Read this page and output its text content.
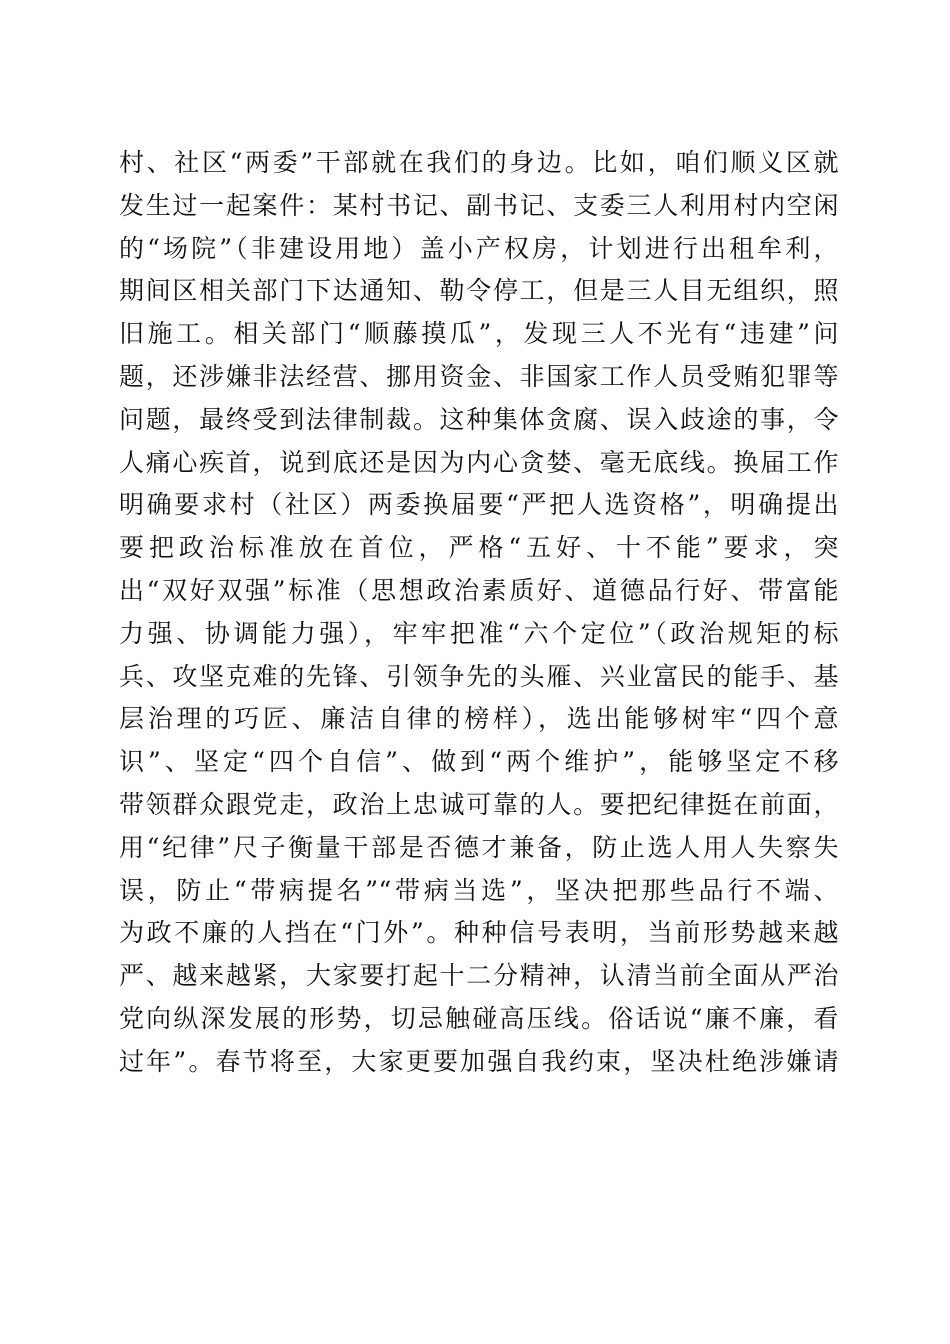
村、社区“两委”干部就在我们的身边。比如，咱们顺义区就
发生过一起案件：某村书记、副书记、支委三人利用村内空闲
的“场院”（非建设用地）盖小产权房，计划进行出租牟利，
期间区相关部门下达通知、勒令停工，但是三人目无组织，照
旧施工。相关部门“顺藤摸瓜”，发现三人不光有“违建”问
题，还涉嫌非法经营、挪用资金、非国家工作人员受贿犯罪等
问题，最终受到法律制裁。这种集体贪腐、误入歧途的事，令
人痛心疾首，说到底还是因为内心贪婪、毫无底线。换届工作
明确要求村（社区）两委换届要“严把人选资格”，明确提出
要把政治标准放在首位，严格“五好、十不能”要求，突
出“双好双强”标准（思想政治素质好、道德品行好、带富能
力强、协调能力强），牢牢把准“六个定位”（政治规矩的标
兵、攻坚克难的先锋、引领争先的头雁、兴业富民的能手、基
层治理的巧匠、廉洁自律的榜样），选出能够树牢“四个意
识”、坚定“四个自信”、做到“两个维护”，能够坚定不移
带领群众跟党走，政治上忠诚可靠的人。要把纪律挺在前面，
用“纪律”尺子衡量干部是否德才兼备，防止选人用人失察失
误，防止“带病提名”“带病当选”，坚决把那些品行不端、
为政不廉的人挡在“门外”。种种信号表明，当前形势越来越
严、越来越紧，大家要打起十二分精神，认清当前全面从严治
党向纵深发展的形势，切忌触碰高压线。俗话说“廉不廉，看
过年”。春节将至，大家更要加强自我约束，坚决杜绝涉嫌请
